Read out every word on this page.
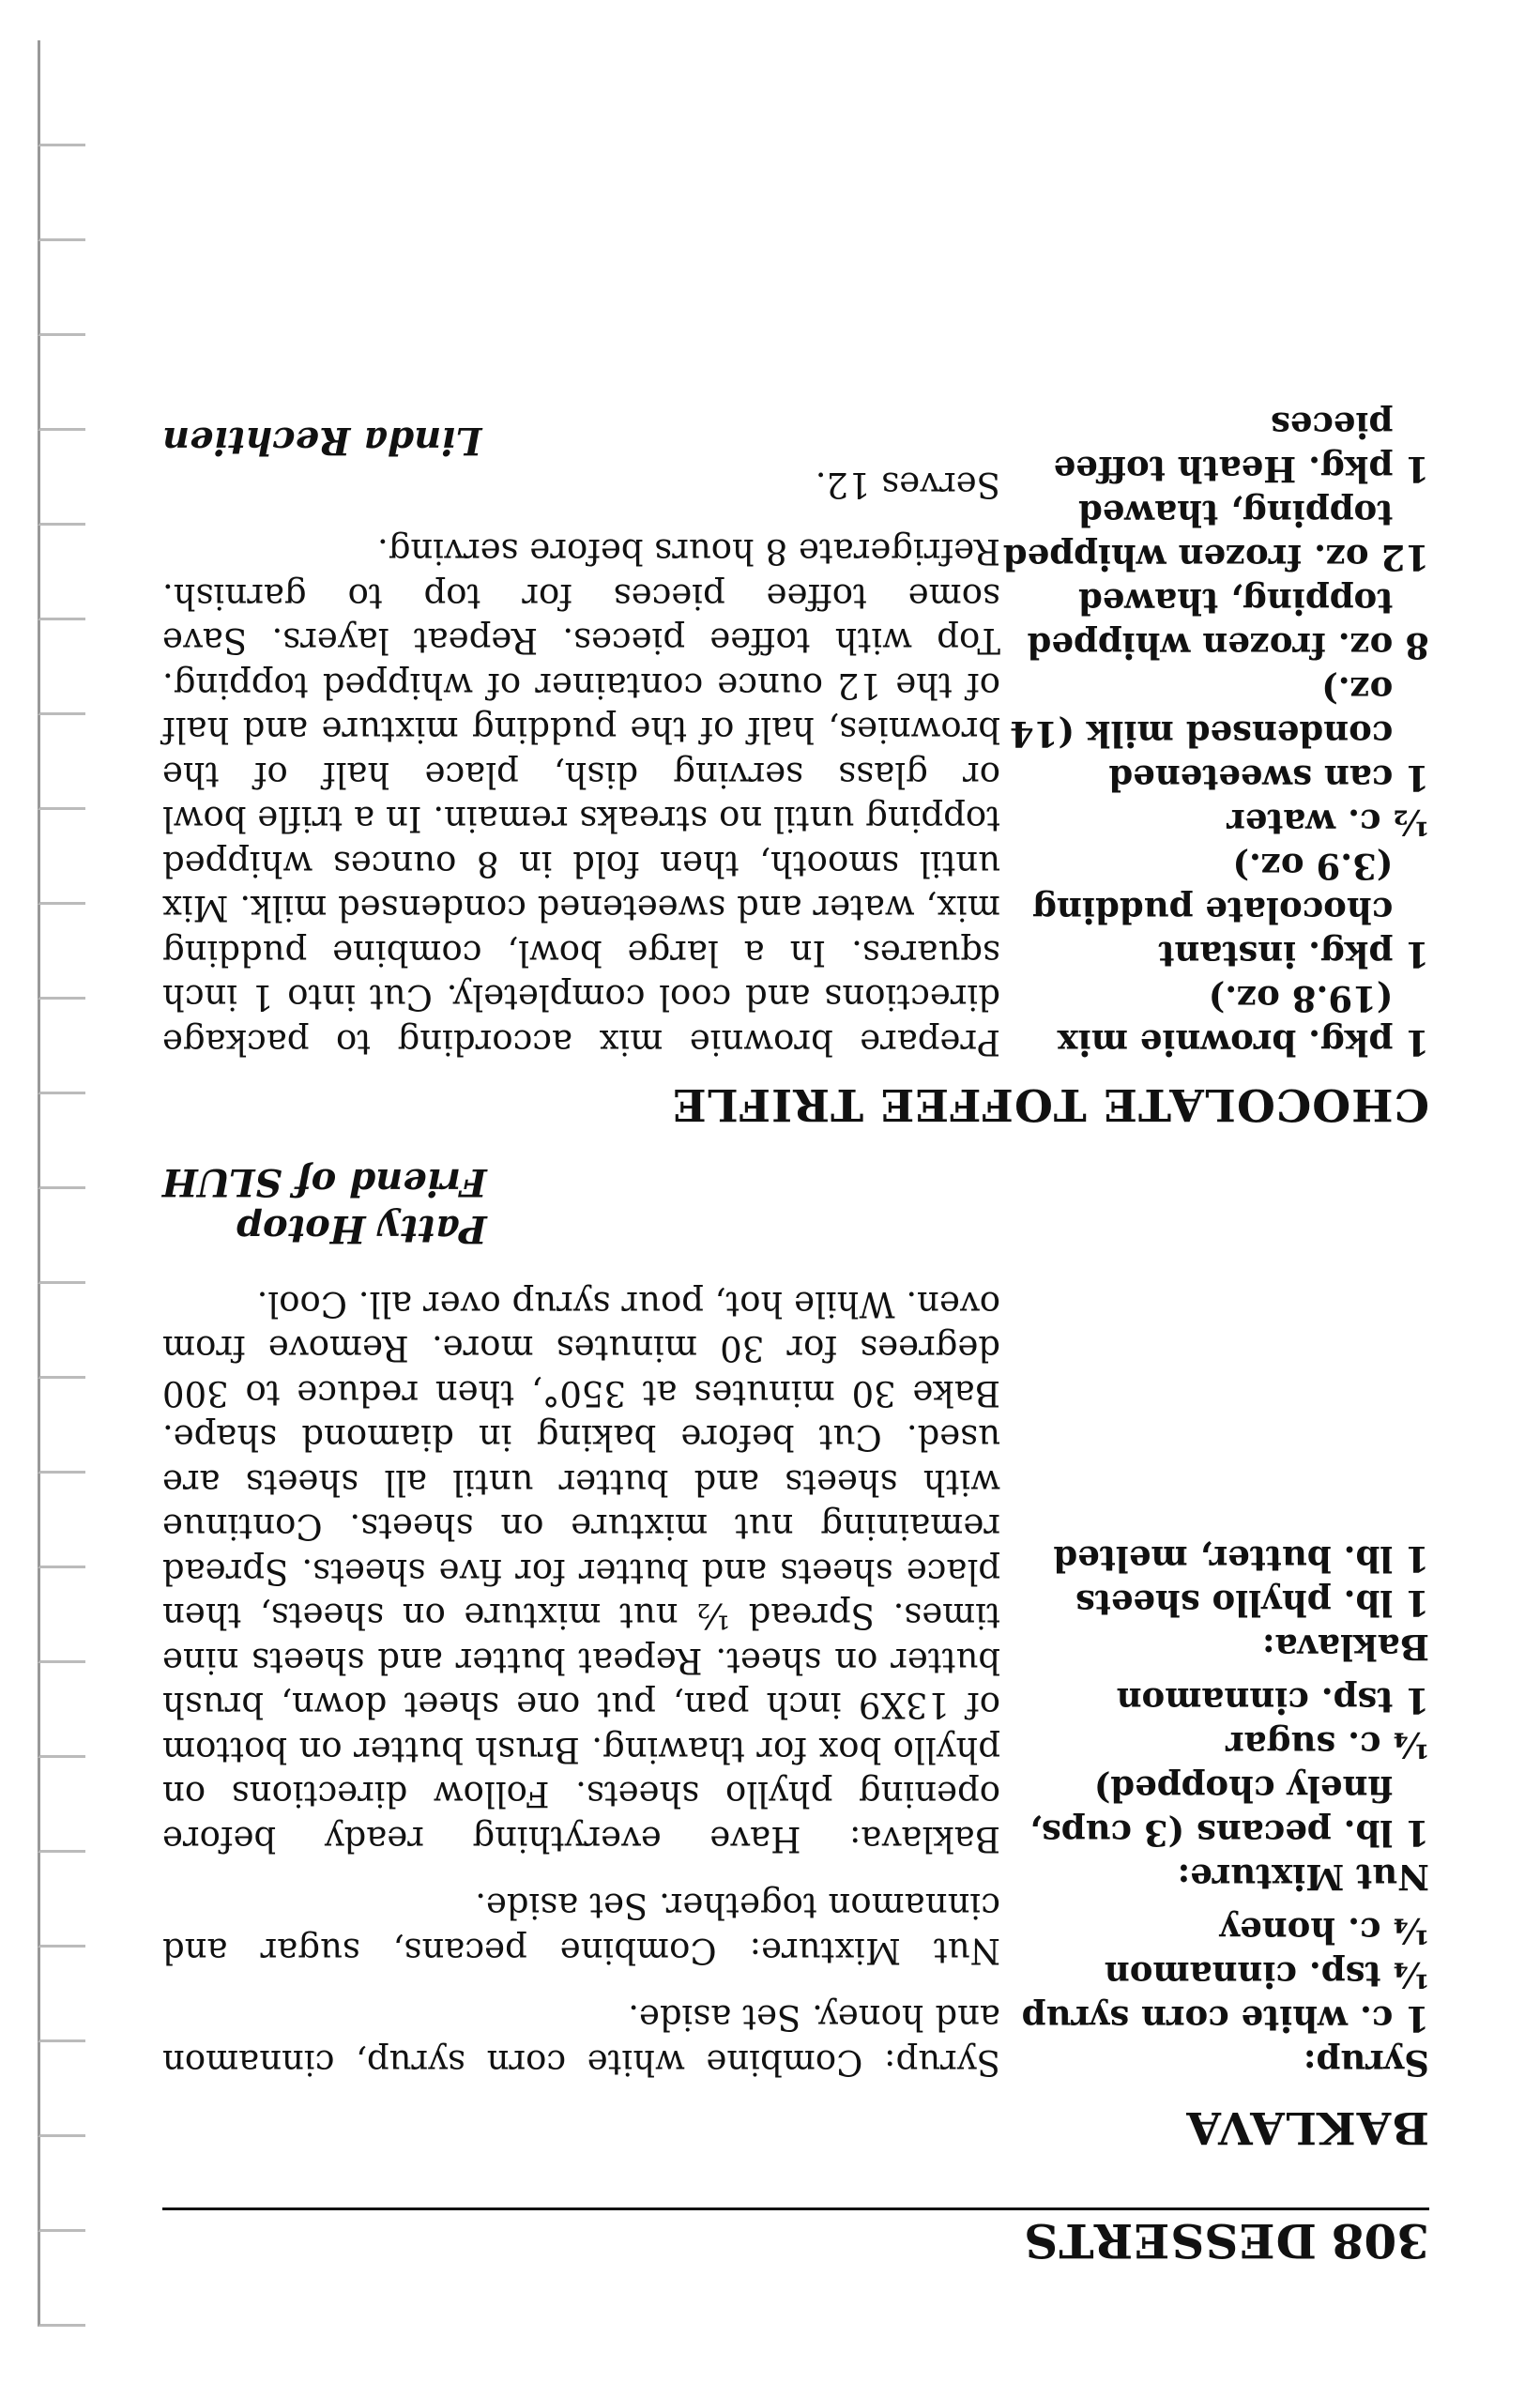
308
DESSERTS
BAKLAVA
Syrup:
1 c. white corn syrup
¼ tsp. cinnamon
¼ c. honey
Nut Mixture:
1 lb. pecans (3 cups,
finely chopped)
¼ c. sugar
1 tsp. cinnamon
Baklava:
1 lb. phyllo sheets
1 lb. butter, melted

Syrup: Combine white corn syrup, cinnamon and honey. Set aside.

Nut Mixture: Combine pecans, sugar and cinnamon together. Set aside.

Baklava: Have everything ready before opening phyllo sheets. Follow directions on phyllo box for thawing. Brush butter on bottom of 13X9 inch pan, put one sheet down, brush butter on sheet. Repeat butter and sheets nine times. Spread ½ nut mixture on sheets, then place sheets and butter for five sheets. Spread remaining nut mixture on sheets. Continue with sheets and butter until all sheets are used. Cut before baking in diamond shape. Bake 30 minutes at 350°, then reduce to 300 degrees for 30 minutes more. Remove from oven. While hot, pour syrup over all. Cool.

Patty Hotop
Friend of SLUH
CHOCOLATE TOFFEE TRIFLE
1 pkg. brownie mix
(19.8 oz.)
1 pkg. instant
chocolate pudding
(3.9 oz.)
½ c. water
1 can sweetened
condensed milk (14
oz.)
8 oz. frozen whipped
topping, thawed
12 oz. frozen whipped
topping, thawed
1 pkg. Heath toffee
pieces

Prepare brownie mix according to package directions and cool completely. Cut into 1 inch squares. In a large bowl, combine pudding mix, water and sweetened condensed milk. Mix until smooth, then fold in 8 ounces whipped topping until no streaks remain. In a trifle bowl or glass serving dish, place half of the brownies, half of the pudding mixture and half of the 12 ounce container of whipped topping. Top with toffee pieces. Repeat layers. Save some toffee pieces for top to garnish. Refrigerate 8 hours before serving.

Serves 12.

Linda Rechtien
